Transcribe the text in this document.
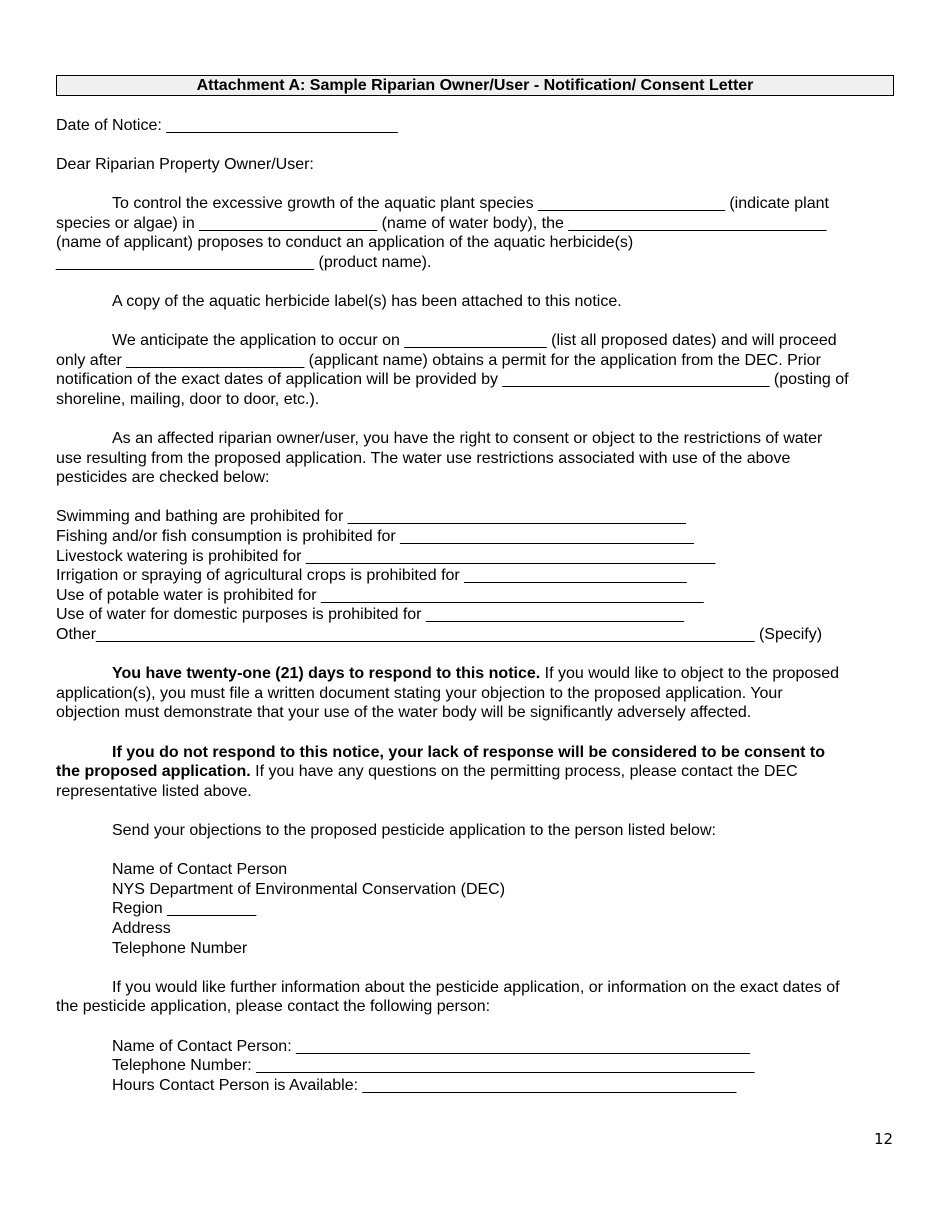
Attachment A: Sample Riparian Owner/User - Notification/ Consent Letter
Date of Notice: __________________________
Dear Riparian Property Owner/User:
To control the excessive growth of the aquatic plant species _____________________ (indicate plant
species or algae) in ____________________ (name of water body), the _____________________________
(name of applicant) proposes to conduct an application of the aquatic herbicide(s)
_____________________________ (product name).
A copy of the aquatic herbicide label(s) has been attached to this notice.
We anticipate the application to occur on ________________ (list all proposed dates) and will proceed
only after ____________________ (applicant name) obtains a permit for the application from the DEC. Prior
notification of the exact dates of application will be provided by ______________________________ (posting of
shoreline, mailing, door to door, etc.).
As an affected riparian owner/user, you have the right to consent or object to the restrictions of water
use resulting from the proposed application. The water use restrictions associated with use of the above
pesticides are checked below:
Swimming and bathing are prohibited for ______________________________________
Fishing and/or fish consumption is prohibited for _________________________________
Livestock watering is prohibited for ______________________________________________
Irrigation or spraying of agricultural crops is prohibited for _________________________
Use of potable water is prohibited for ___________________________________________
Use of water for domestic purposes is prohibited for _____________________________
Other__________________________________________________________________________ (Specify)
You have twenty-one (21) days to respond to this notice. If you would like to object to the proposed
application(s), you must file a written document stating your objection to the proposed application. Your
objection must demonstrate that your use of the water body will be significantly adversely affected.
If you do not respond to this notice, your lack of response will be considered to be consent to
the proposed application. If you have any questions on the permitting process, please contact the DEC
representative listed above.
Send your objections to the proposed pesticide application to the person listed below:
Name of Contact Person
NYS Department of Environmental Conservation (DEC)
Region __________
Address
Telephone Number
If you would like further information about the pesticide application, or information on the exact dates of
the pesticide application, please contact the following person:
Name of Contact Person: ___________________________________________________
Telephone Number: ________________________________________________________
Hours Contact Person is Available: __________________________________________
12
